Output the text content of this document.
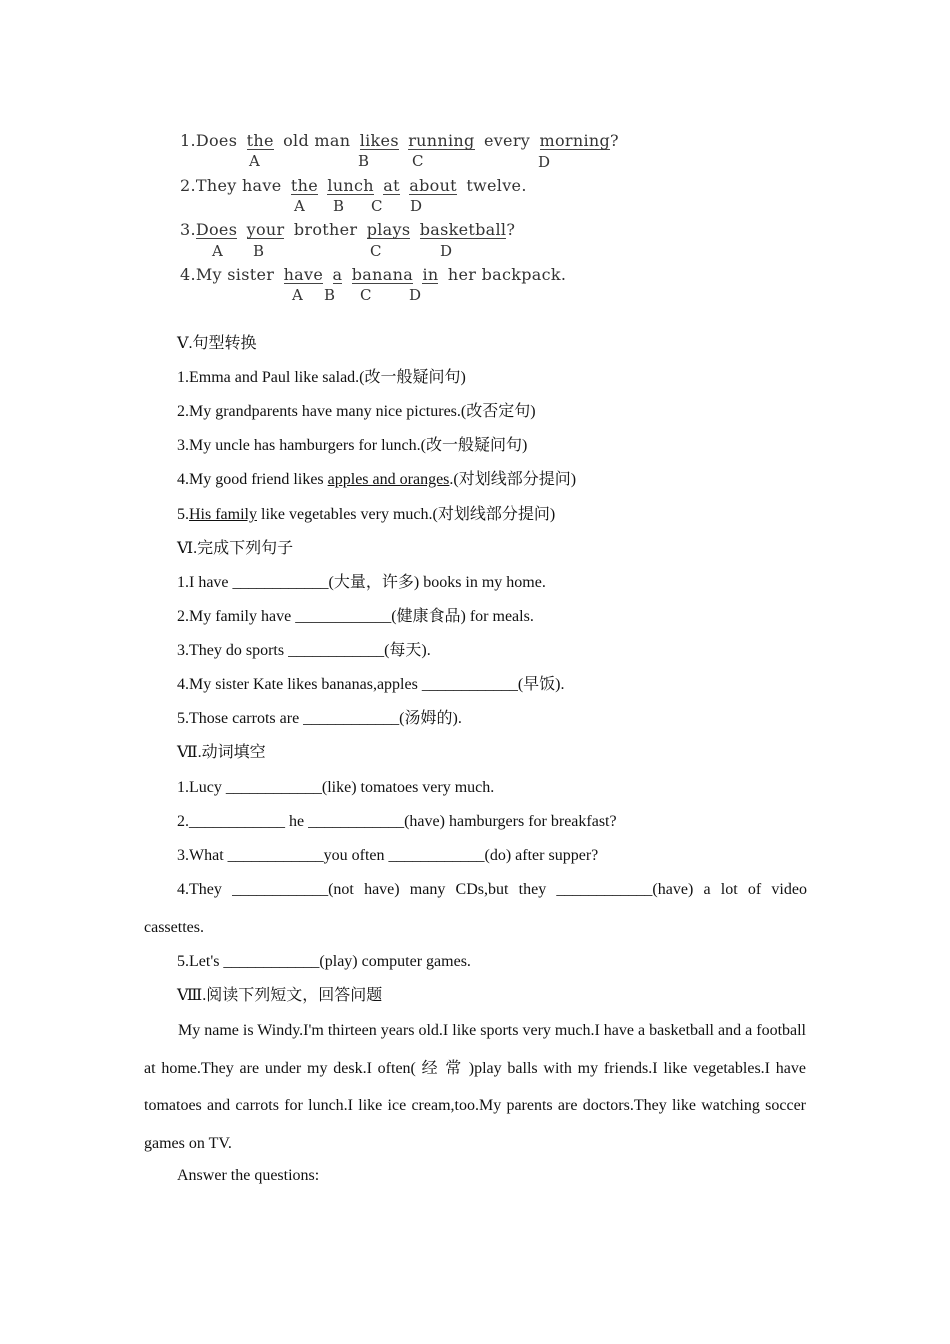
1.Does the old man likes running every morning?
A	B	C	D
2.They have the lunch at about twelve.
A B C D
3.Does your brother plays basketball?
A B	C	D
4.My sister have a banana in her backpack.
A B C	D
Ⅴ.句型转换
1.Emma and Paul like salad.(改一般疑问句)
2.My grandparents have many nice pictures.(改否定句)
3.My uncle has hamburgers for lunch.(改一般疑问句)
4.My good friend likes apples and oranges.(对划线部分提问)
5.His family like vegetables very much.(对划线部分提问)
Ⅵ.完成下列句子
1.I have ____________(大量，许多) books in my home.
2.My family have ____________(健康食品) for meals.
3.They do sports ____________(每天).
4.My sister Kate likes bananas,apples ____________(早饭).
5.Those carrots are ____________(汤姆的).
Ⅶ.动词填空
1.Lucy ____________(like) tomatoes very much.
2.____________ he ____________(have) hamburgers for breakfast?
3.What ____________you often ____________(do) after supper?
4.They ____________(not have) many CDs,but they ____________(have) a lot of video
cassettes.
5.Let's ____________(play) computer games.
Ⅷ.阅读下列短文，回答问题
My name is Windy.I'm thirteen years old.I like sports very much.I have a basketball and a football at home.They are under my desk.I often( 经 常 )play balls with my friends.I like vegetables.I have tomatoes and carrots for lunch.I like ice cream,too.My parents are doctors.They like watching soccer games on TV.
Answer the questions:
